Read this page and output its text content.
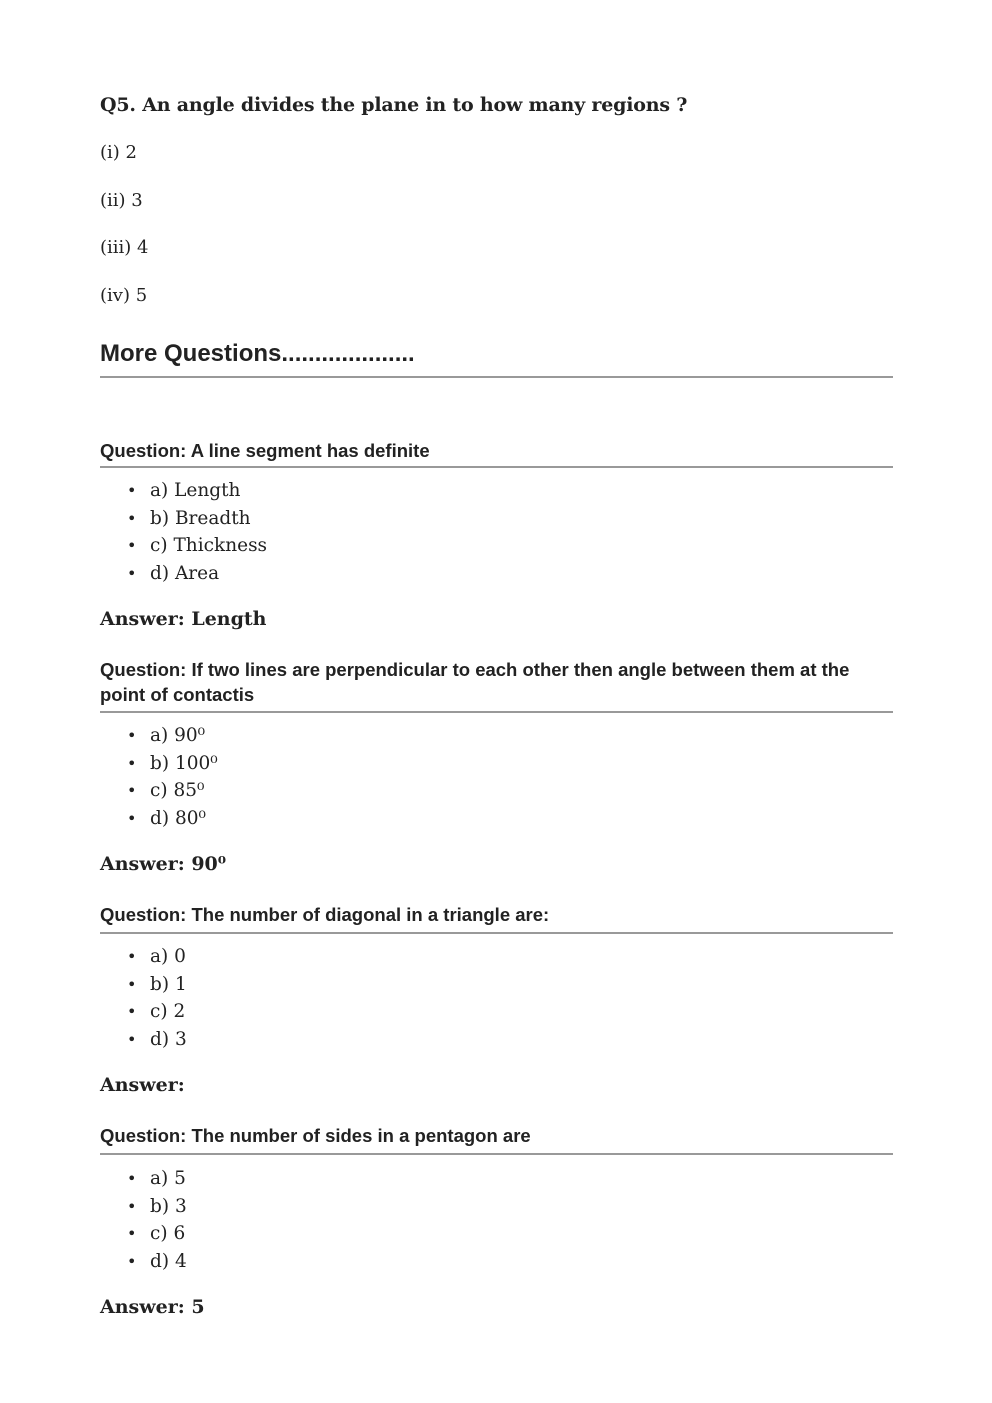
Q5. An angle divides the plane in to how many regions ?
(i) 2
(ii) 3
(iii) 4
(iv) 5
More Questions....................
Question: A line segment has definite
• a) Length
• b) Breadth
• c) Thickness
• d) Area
Answer: Length
Question: If two lines are perpendicular to each other then angle between them at the point of contactis
• a) 90⁰
• b) 100⁰
• c) 85⁰
• d) 80⁰
Answer: 90⁰
Question: The number of diagonal in a triangle are:
• a) 0
• b) 1
• c) 2
• d) 3
Answer:
Question: The number of sides in a pentagon are
• a) 5
• b) 3
• c) 6
• d) 4
Answer: 5
